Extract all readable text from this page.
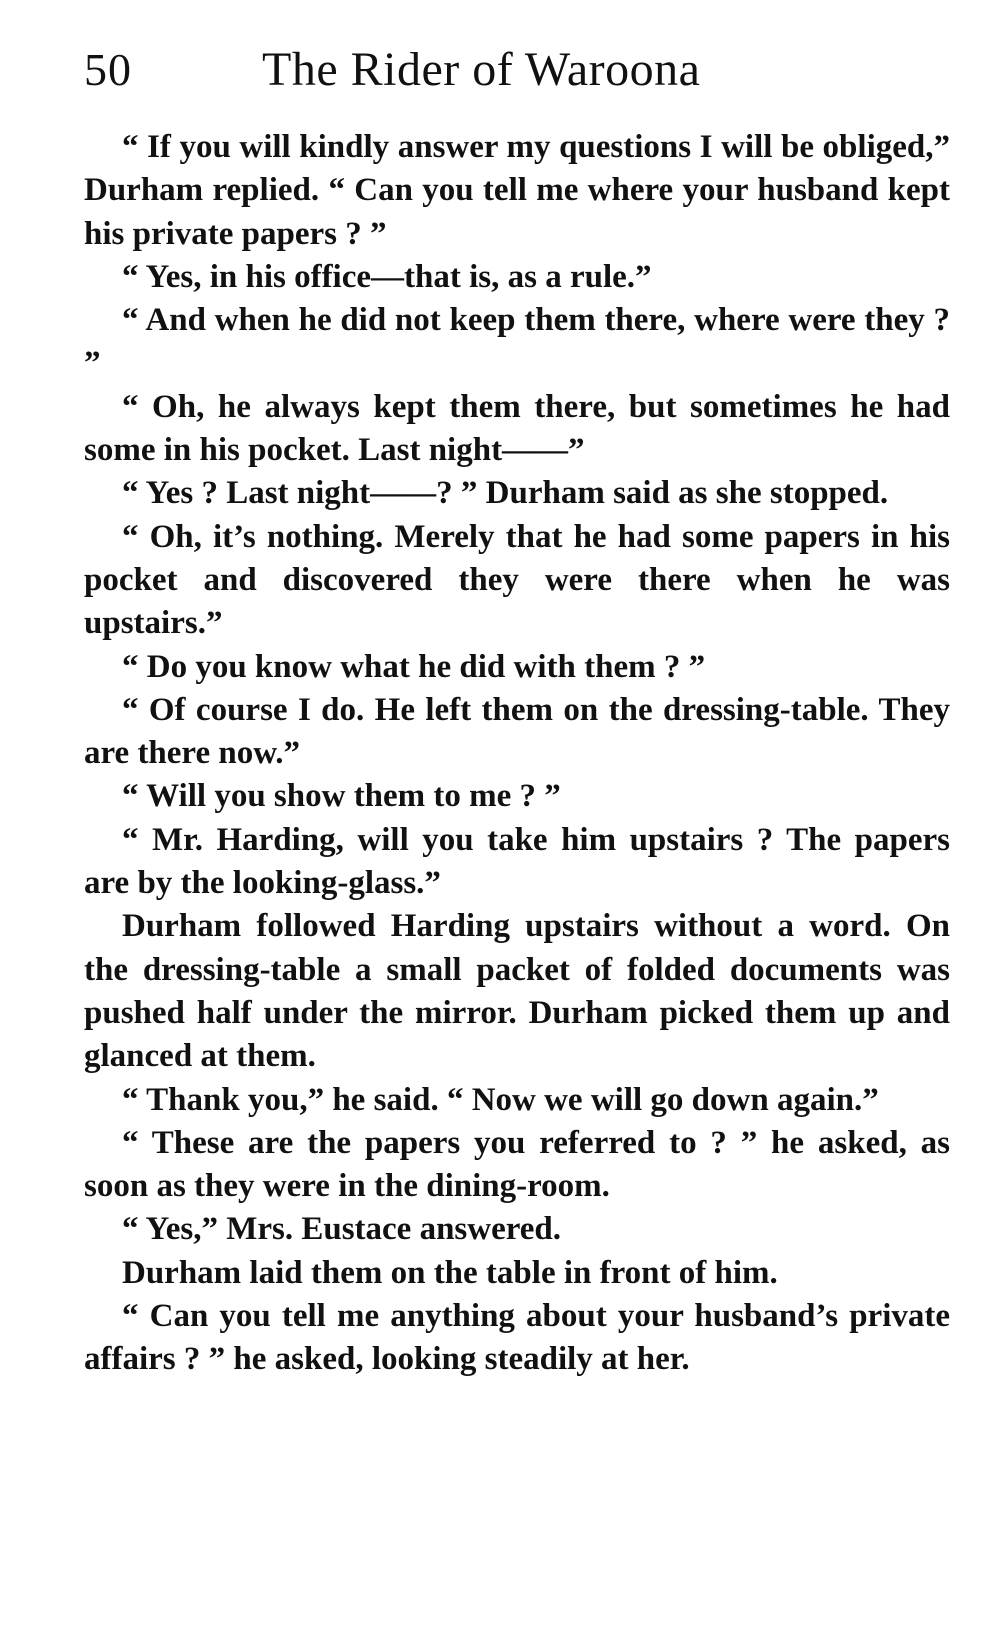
50	The Rider of Waroona

“ If you will kindly answer my questions I will be obliged,” Durham replied. “ Can you tell me where your husband kept his private papers ? ”

“ Yes, in his office—that is, as a rule.”

“ And when he did not keep them there, where were they ? ”

“ Oh, he always kept them there, but sometimes he had some in his pocket. Last night——”

“ Yes ? Last night——? ” Durham said as she stopped.

“ Oh, it’s nothing. Merely that he had some papers in his pocket and discovered they were there when he was upstairs.”

“ Do you know what he did with them ? ”

“ Of course I do. He left them on the dressing-table. They are there now.”

“ Will you show them to me ? ”

“ Mr. Harding, will you take him upstairs ? The papers are by the looking-glass.”

Durham followed Harding upstairs without a word. On the dressing-table a small packet of folded documents was pushed half under the mirror. Durham picked them up and glanced at them.

“ Thank you,” he said. “ Now we will go down again.”

“ These are the papers you referred to ? ” he asked, as soon as they were in the dining-room.

“ Yes,” Mrs. Eustace answered.

Durham laid them on the table in front of him.

“ Can you tell me anything about your husband’s private affairs ? ” he asked, looking steadily at her.
